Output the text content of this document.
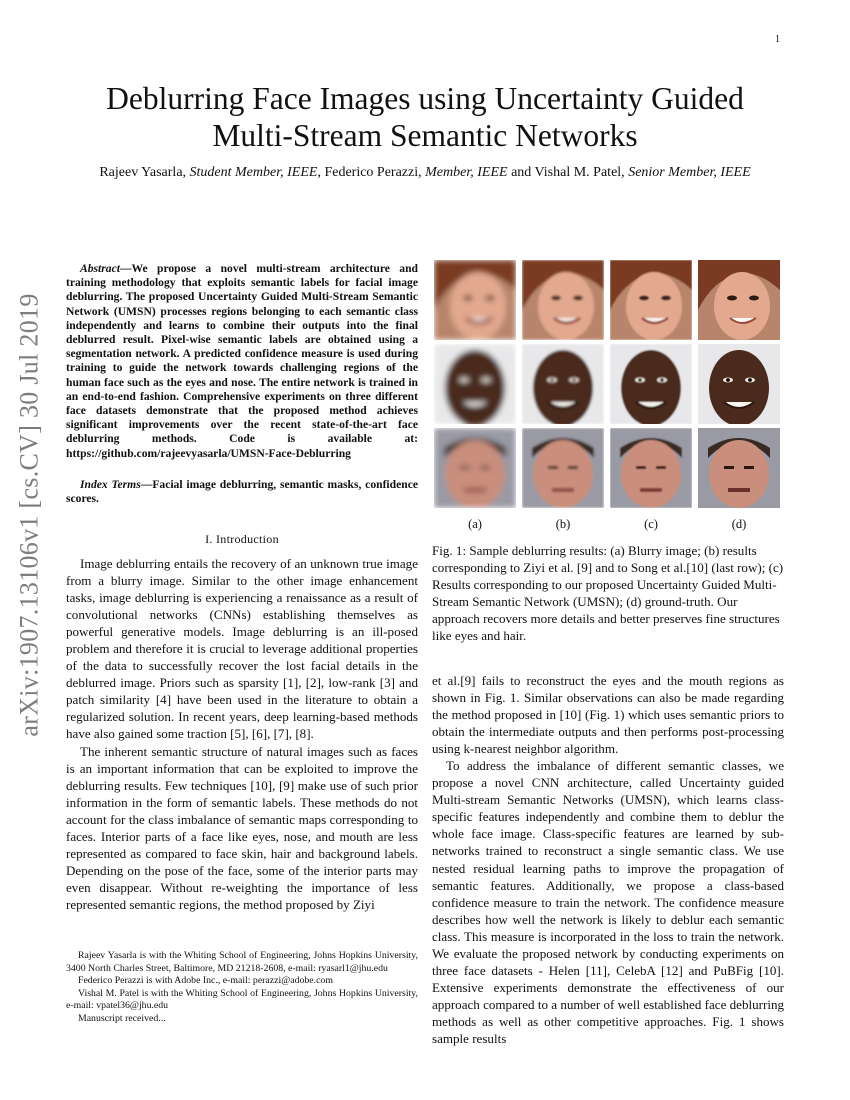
1
arXiv:1907.13106v1 [cs.CV] 30 Jul 2019
Deblurring Face Images using Uncertainty Guided
Multi-Stream Semantic Networks
Rajeev Yasarla, Student Member, IEEE, Federico Perazzi, Member, IEEE and Vishal M. Patel, Senior Member, IEEE

Abstract—We propose a novel multi-stream architecture and training methodology that exploits semantic labels for facial image deblurring. The proposed Uncertainty Guided Multi-Stream Semantic Network (UMSN) processes regions belonging to each semantic class independently and learns to combine their outputs into the final deblurred result. Pixel-wise semantic labels are obtained using a segmentation network. A predicted confidence measure is used during training to guide the network towards challenging regions of the human face such as the eyes and nose. The entire network is trained in an end-to-end fashion. Comprehensive experiments on three different face datasets demonstrate that the proposed method achieves significant improvements over the recent state-of-the-art face deblurring methods. Code is available at: https://github.com/rajeevyasarla/UMSN-Face-Deblurring

Index Terms—Facial image deblurring, semantic masks, confidence scores.

I. Introduction

Image deblurring entails the recovery of an unknown true image from a blurry image. Similar to the other image enhancement tasks, image deblurring is experiencing a renaissance as a result of convolutional networks (CNNs) establishing themselves as powerful generative models. Image deblurring is an ill-posed problem and therefore it is crucial to leverage additional properties of the data to successfully recover the lost facial details in the deblurred image. Priors such as sparsity [1], [2], low-rank [3] and patch similarity [4] have been used in the literature to obtain a regularized solution. In recent years, deep learning-based methods have also gained some traction [5], [6], [7], [8].

The inherent semantic structure of natural images such as faces is an important information that can be exploited to improve the deblurring results. Few techniques [10], [9] make use of such prior information in the form of semantic labels. These methods do not account for the class imbalance of semantic maps corresponding to faces. Interior parts of a face like eyes, nose, and mouth are less represented as compared to face skin, hair and background labels. Depending on the pose of the face, some of the interior parts may even disappear. Without re-weighting the importance of less represented semantic regions, the method proposed by Ziyi

Rajeev Yasarla is with the Whiting School of Engineering, Johns Hopkins University, 3400 North Charles Street, Baltimore, MD 21218-2608, e-mail: ryasarl1@jhu.edu

Federico Perazzi is with Adobe Inc., e-mail: perazzi@adobe.com

Vishal M. Patel is with the Whiting School of Engineering, Johns Hopkins University, e-mail: vpatel36@jhu.edu

Manuscript received...

(a)	(b)	(c)	(d)

Fig. 1: Sample deblurring results: (a) Blurry image; (b) results corresponding to Ziyi et al. [9] and to Song et al.[10] (last row); (c) Results corresponding to our proposed Uncertainty Guided Multi-Stream Semantic Network (UMSN); (d) ground-truth. Our approach recovers more details and better preserves fine structures like eyes and hair.

et al.[9] fails to reconstruct the eyes and the mouth regions as shown in Fig. 1. Similar observations can also be made regarding the method proposed in [10] (Fig. 1) which uses semantic priors to obtain the intermediate outputs and then performs post-processing using k-nearest neighbor algorithm.

To address the imbalance of different semantic classes, we propose a novel CNN architecture, called Uncertainty guided Multi-stream Semantic Networks (UMSN), which learns class-specific features independently and combine them to deblur the whole face image. Class-specific features are learned by sub-networks trained to reconstruct a single semantic class. We use nested residual learning paths to improve the propagation of semantic features. Additionally, we propose a class-based confidence measure to train the network. The confidence measure describes how well the network is likely to deblur each semantic class. This measure is incorporated in the loss to train the network. We evaluate the proposed network by conducting experiments on three face datasets - Helen [11], CelebA [12] and PuBFig [10]. Extensive experiments demonstrate the effectiveness of our approach compared to a number of well established face deblurring methods as well as other competitive approaches. Fig. 1 shows sample results
